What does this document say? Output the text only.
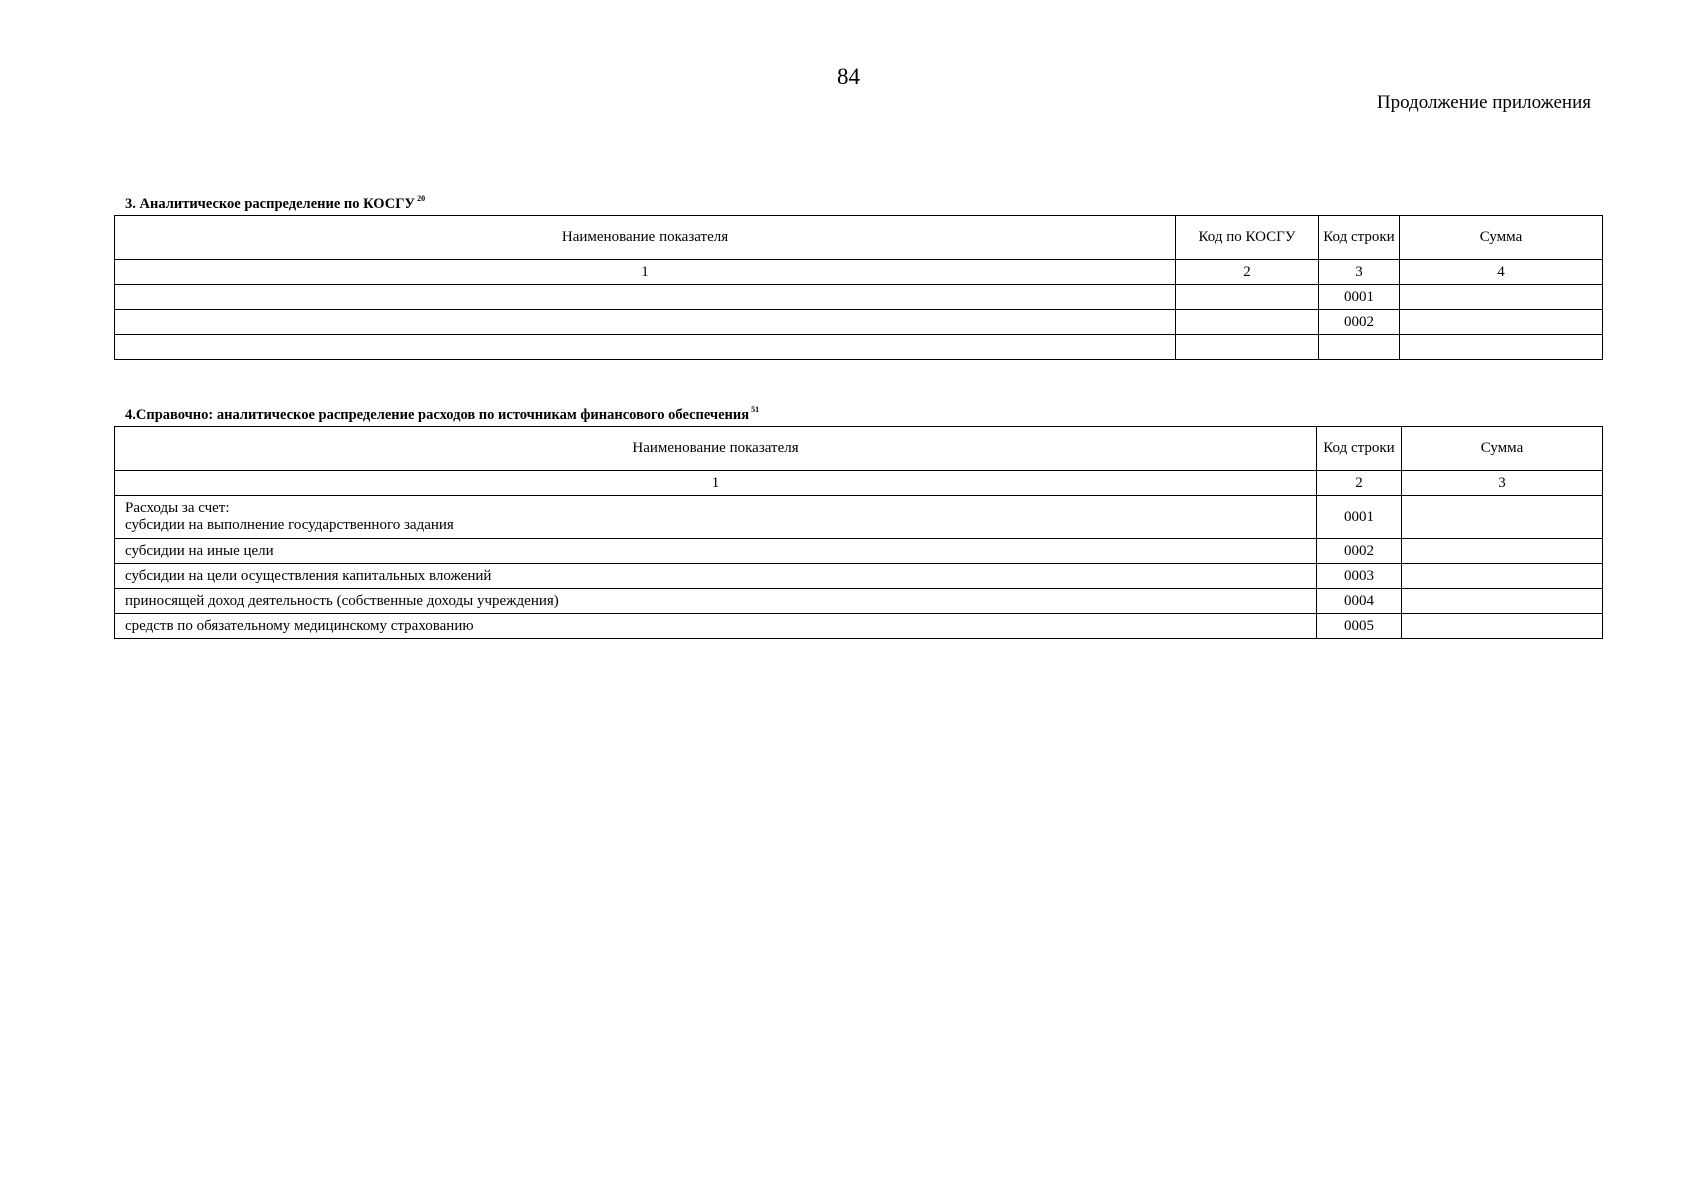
84
Продолжение приложения
3. Аналитическое распределение по КОСГУ $^{20}$
Наименование показателя	Код по КОСГУ	Код строки	Сумма
1	2	3	4
		0001	
		0002	

4.Справочно: аналитическое распределение расходов по источникам финансового обеспечения $^{51}$
Наименование показателя	Код строки	Сумма
1	2	3

Расходы за счет:
субсидии на выполнение государственного задания	0001	
субсидии на иные цели	0002	
субсидии на цели осуществления капитальных вложений	0003	
приносящей доход деятельность (собственные доходы учреждения)	0004	
средств по обязательному медицинскому страхованию	0005	
